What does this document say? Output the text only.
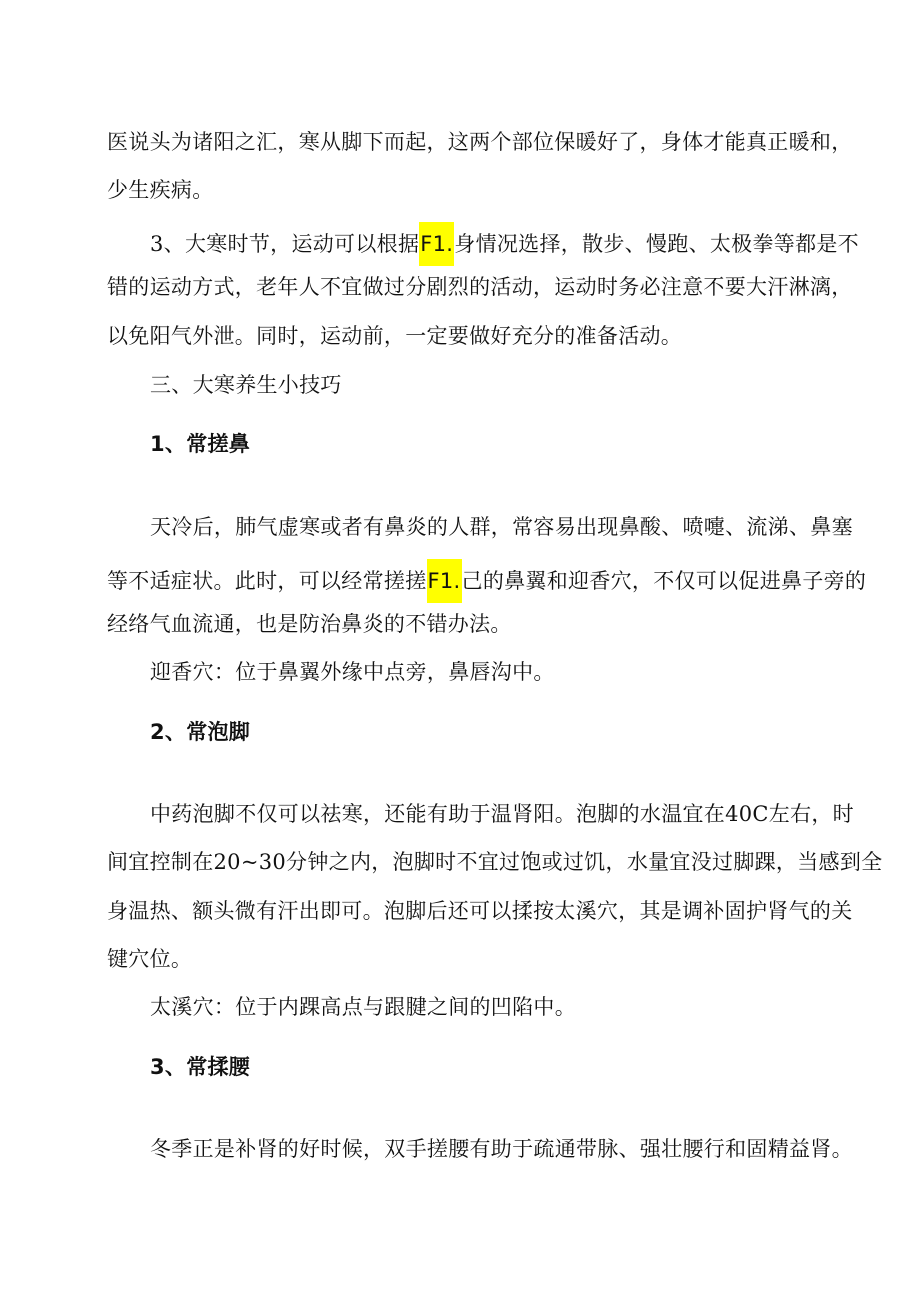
医说头为诸阳之汇，寒从脚下而起，这两个部位保暖好了，身体才能真正暖和，
少生疾病。
3、大寒时节，运动可以根据 F1. 身情况选择，散步、慢跑、太极拳等都是不
错的运动方式，老年人不宜做过分剧烈的活动，运动时务必注意不要大汗淋漓，
以免阳气外泄。同时，运动前，一定要做好充分的准备活动。
三、大寒养生小技巧
1、常搓鼻
天冷后，肺气虚寒或者有鼻炎的人群，常容易出现鼻酸、喷嚏、流涕、鼻塞
等不适症状。此时，可以经常搓搓 F1. 己的鼻翼和迎香穴，不仅可以促进鼻子旁的
经络气血流通，也是防治鼻炎的不错办法。
迎香穴：位于鼻翼外缘中点旁，鼻唇沟中。
2、常泡脚
中药泡脚不仅可以祛寒，还能有助于温肾阳。泡脚的水温宜在40C左右，时
间宜控制在20~30分钟之内，泡脚时不宜过饱或过饥，水量宜没过脚踝，当感到全
身温热、额头微有汗出即可。泡脚后还可以揉按太溪穴，其是调补固护肾气的关
键穴位。
太溪穴：位于内踝高点与跟腱之间的凹陷中。
3、常揉腰
冬季正是补肾的好时候，双手搓腰有助于疏通带脉、强壮腰行和固精益肾。
